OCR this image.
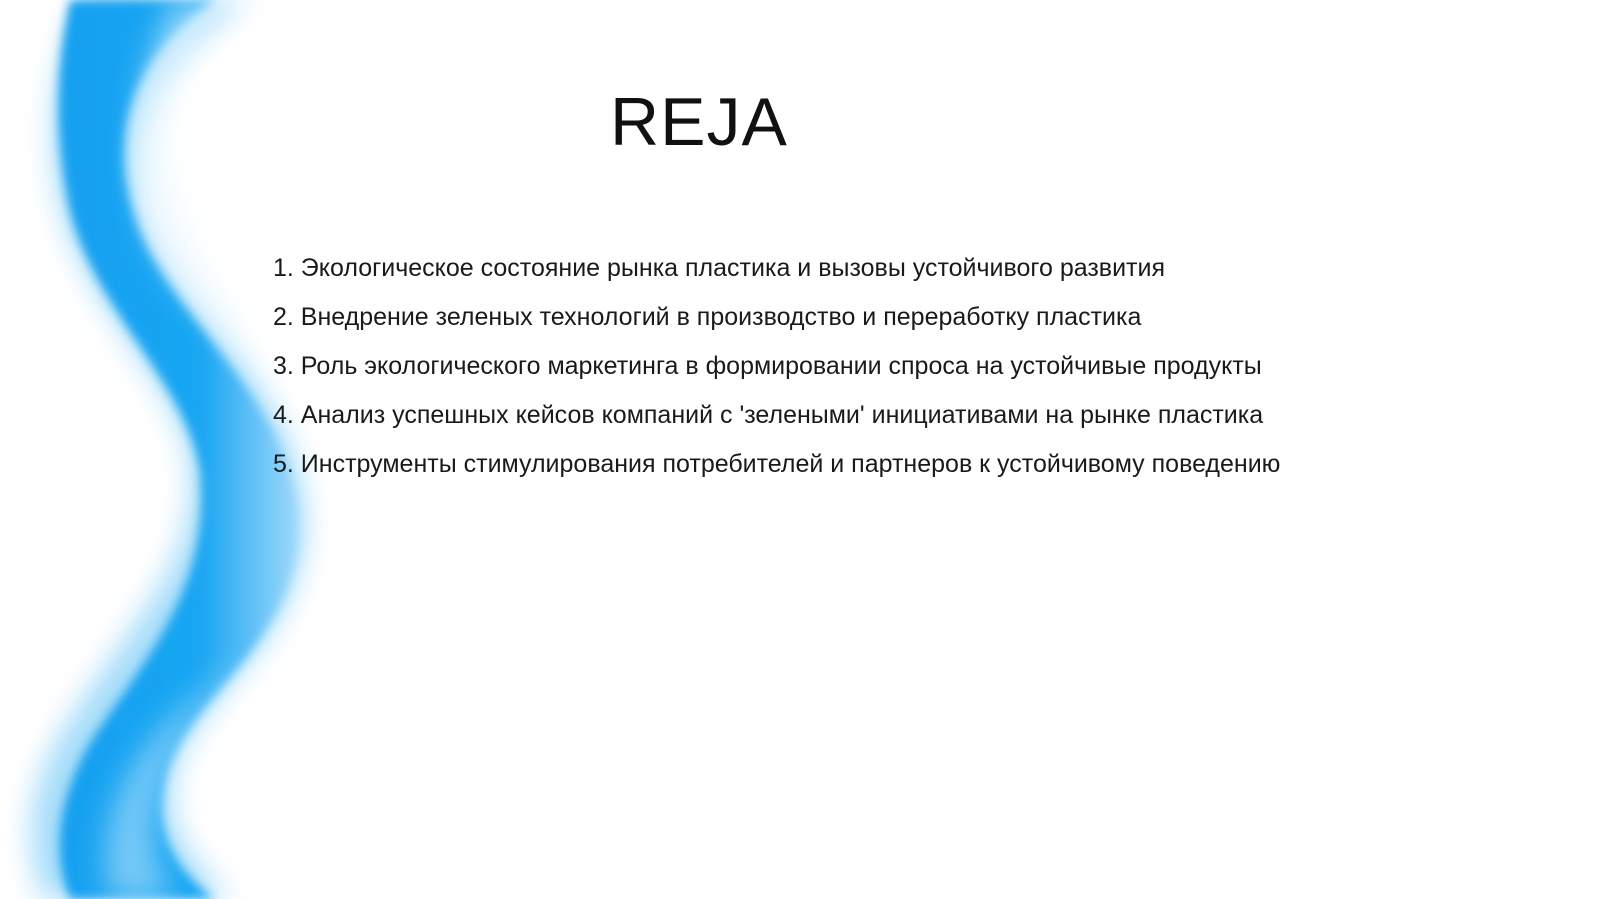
REJA
1. Экологическое состояние рынка пластика и вызовы устойчивого развития
2. Внедрение зеленых технологий в производство и переработку пластика
3. Роль экологического маркетинга в формировании спроса на устойчивые продукты
4. Анализ успешных кейсов компаний с 'зелеными' инициативами на рынке пластика
5. Инструменты стимулирования потребителей и партнеров к устойчивому поведению
